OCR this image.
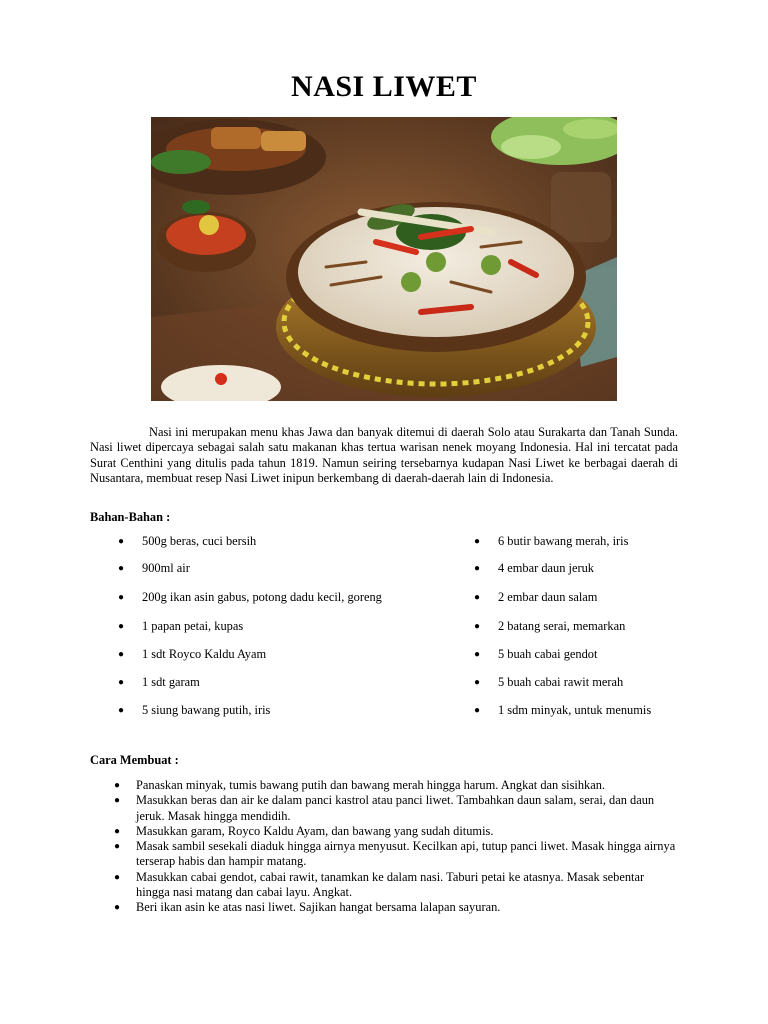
NASI LIWET
Nasi ini merupakan menu khas Jawa dan banyak ditemui di daerah Solo atau Surakarta dan Tanah Sunda. Nasi liwet dipercaya sebagai salah satu makanan khas tertua warisan nenek moyang Indonesia. Hal ini tercatat pada Surat Centhini yang ditulis pada tahun 1819. Namun seiring tersebarnya kudapan Nasi Liwet ke berbagai daerah di Nusantara, membuat resep Nasi Liwet inipun berkembang di daerah-daerah lain di Indonesia.
Bahan-Bahan :
● 500g beras, cuci bersih
● 900ml air
● 200g ikan asin gabus, potong dadu kecil, goreng
● 1 papan petai, kupas
● 1 sdt Royco Kaldu Ayam
● 1 sdt garam
● 5 siung bawang putih, iris
● 6 butir bawang merah, iris
● 4 embar daun jeruk
● 2 embar daun salam
● 2 batang serai, memarkan
● 5 buah cabai gendot
● 5 buah cabai rawit merah
● 1 sdm minyak, untuk menumis
Cara Membuat :
● Panaskan minyak, tumis bawang putih dan bawang merah hingga harum. Angkat dan sisihkan.
● Masukkan beras dan air ke dalam panci kastrol atau panci liwet. Tambahkan daun salam, serai, dan daun jeruk. Masak hingga mendidih.
● Masukkan garam, Royco Kaldu Ayam, dan bawang yang sudah ditumis.
● Masak sambil sesekali diaduk hingga airnya menyusut. Kecilkan api, tutup panci liwet. Masak hingga airnya terserap habis dan hampir matang.
● Masukkan cabai gendot, cabai rawit, tanamkan ke dalam nasi. Taburi petai ke atasnya. Masak sebentar hingga nasi matang dan cabai layu. Angkat.
● Beri ikan asin ke atas nasi liwet. Sajikan hangat bersama lalapan sayuran.
